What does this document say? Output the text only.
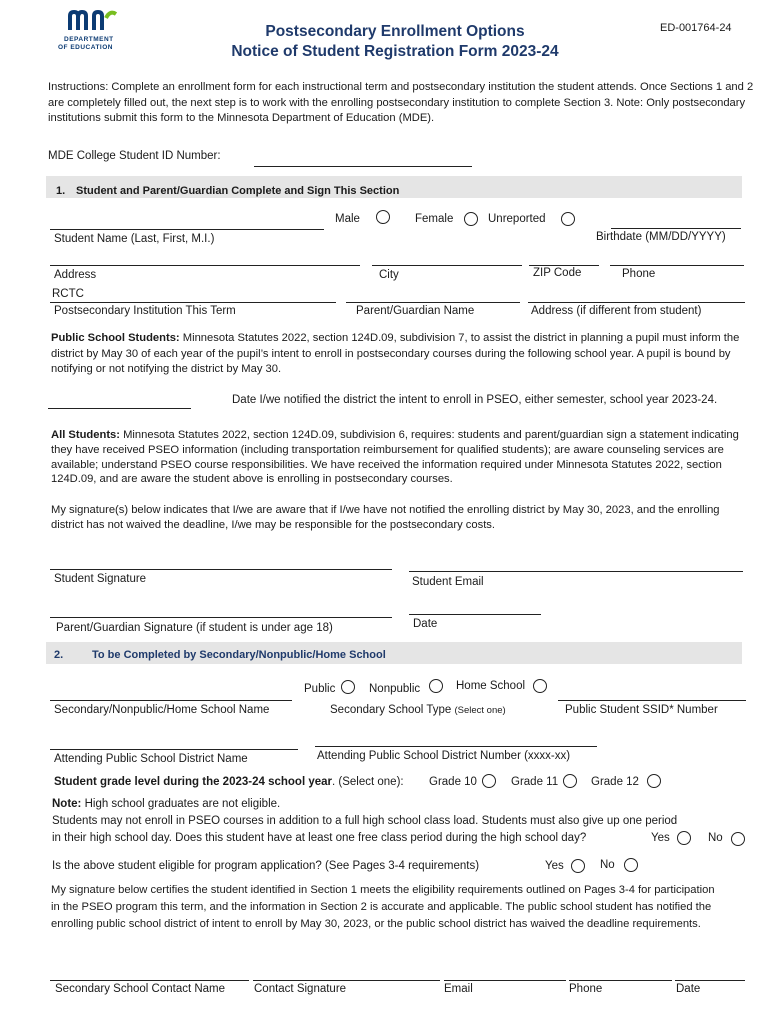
DEPARTMENT
OF EDUCATION
Postsecondary Enrollment Options
Notice of Student Registration Form 2023-24
ED-001764-24
Instructions: Complete an enrollment form for each instructional term and postsecondary institution the student attends. Once Sections 1 and 2 are completely filled out, the next step is to work with the enrolling postsecondary institution to complete Section 3. Note: Only postsecondary institutions submit this form to the Minnesota Department of Education (MDE).
MDE College Student ID Number:
1. Student and Parent/Guardian Complete and Sign This Section
Student Name (Last, First, M.I.)
Male	Female	Unreported
Birthdate (MM/DD/YYYY)
Address	City	ZIP Code	Phone
RCTC
Postsecondary Institution This Term	Parent/Guardian Name	Address (if different from student)
Public School Students: Minnesota Statutes 2022, section 124D.09, subdivision 7, to assist the district in planning a pupil must inform the district by May 30 of each year of the pupil’s intent to enroll in postsecondary courses during the following school year. A pupil is bound by notifying or not notifying the district by May 30.
Date I/we notified the district the intent to enroll in PSEO, either semester, school year 2023-24.
All Students: Minnesota Statutes 2022, section 124D.09, subdivision 6, requires: students and parent/guardian sign a statement indicating they have received PSEO information (including transportation reimbursement for qualified students); are aware counseling services are available; understand PSEO course responsibilities. We have received the information required under Minnesota Statutes 2022, section 124D.09, and are aware the student above is enrolling in postsecondary courses.
My signature(s) below indicates that I/we are aware that if I/we have not notified the enrolling district by May 30, 2023, and the enrolling district has not waived the deadline, I/we may be responsible for the postsecondary costs.
Student Signature	Student Email
Parent/Guardian Signature (if student is under age 18)	Date
2.	To be Completed by Secondary/Nonpublic/Home School
Public	Nonpublic	Home School
Secondary/Nonpublic/Home School Name	Secondary School Type (Select one)	Public Student SSID* Number
Attending Public School District Name	Attending Public School District Number (xxxx-xx)
Student grade level during the 2023-24 school year. (Select one): Grade 10	Grade 11	Grade 12
Note: High school graduates are not eligible.
Students may not enroll in PSEO courses in addition to a full high school class load. Students must also give up one period
in their high school day. Does this student have at least one free class period during the high school day?	Yes	No
Is the above student eligible for program application? (See Pages 3-4 requirements)	Yes	No
My signature below certifies the student identified in Section 1 meets the eligibility requirements outlined on Pages 3-4 for participation in the PSEO program this term, and the information in Section 2 is accurate and applicable. The public school student has notified the enrolling public school district of intent to enroll by May 30, 2023, or the public school district has waived the deadline requirements.
Secondary School Contact Name	Contact Signature	Email	Phone	Date
